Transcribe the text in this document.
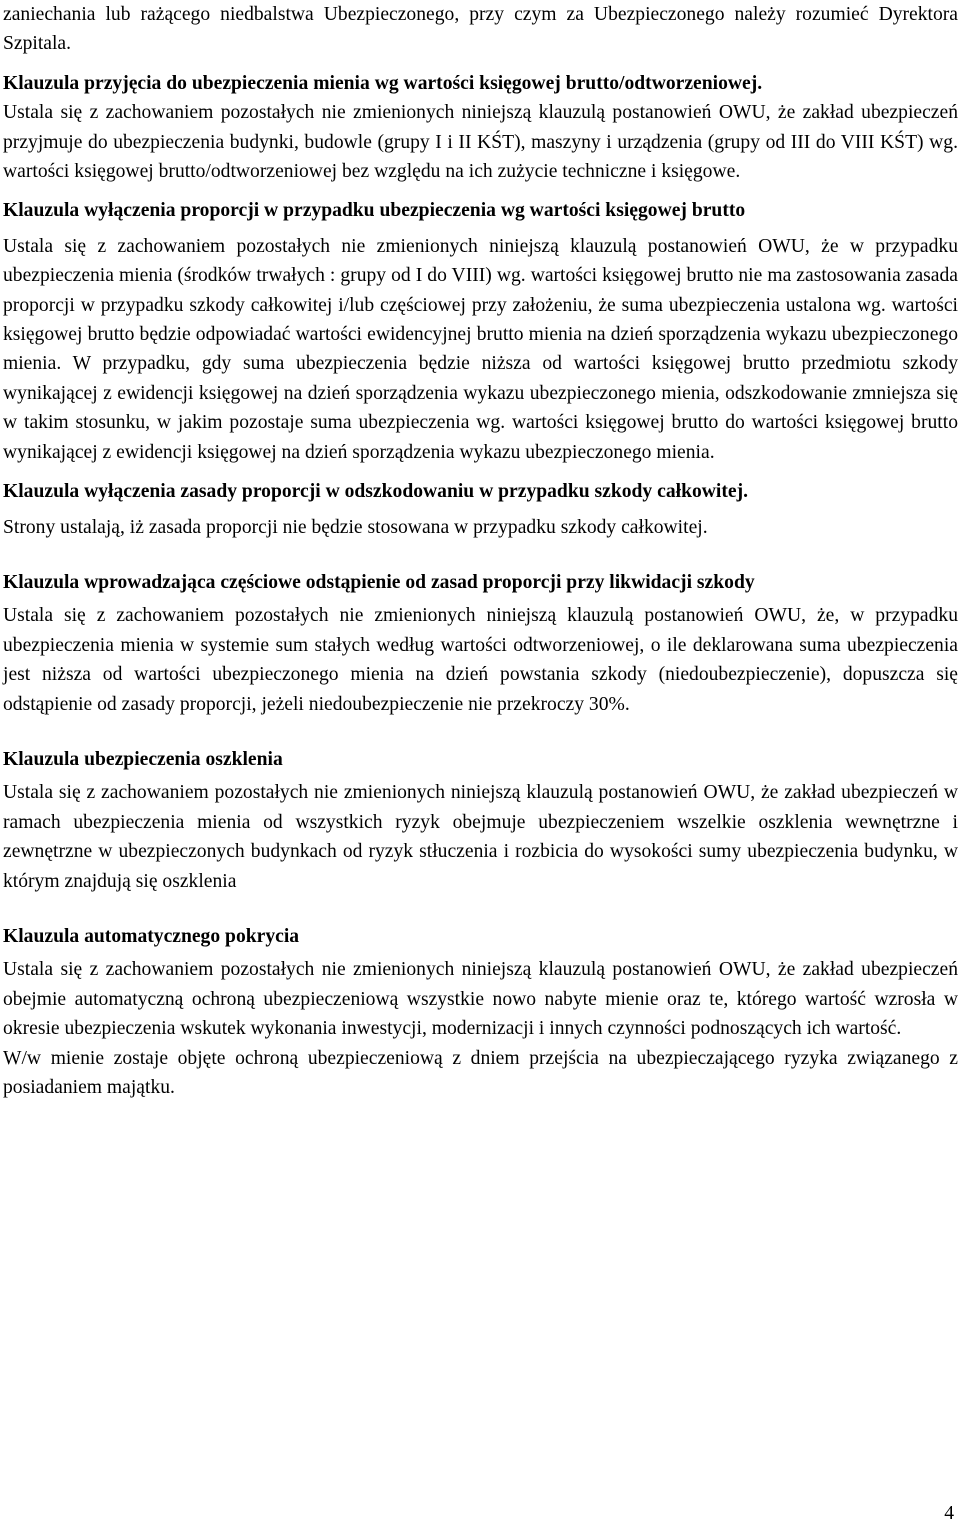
zaniechania lub rażącego niedbalstwa Ubezpieczonego, przy czym za Ubezpieczonego należy rozumieć Dyrektora Szpitala.

Klauzula przyjęcia do ubezpieczenia mienia wg wartości księgowej brutto/odtworzeniowej.

Ustala się z zachowaniem pozostałych nie zmienionych niniejszą klauzulą postanowień OWU, że zakład ubezpieczeń przyjmuje do ubezpieczenia budynki, budowle (grupy I i II KŚT), maszyny i urządzenia (grupy od III do VIII KŚT) wg. wartości księgowej brutto/odtworzeniowej bez względu na ich zużycie techniczne i księgowe.

Klauzula wyłączenia proporcji w przypadku ubezpieczenia wg wartości księgowej brutto

Ustala się z zachowaniem pozostałych nie zmienionych niniejszą klauzulą postanowień OWU, że w przypadku ubezpieczenia mienia (środków trwałych : grupy od I do VIII) wg. wartości księgowej brutto nie ma zastosowania zasada proporcji w przypadku szkody całkowitej i/lub częściowej przy założeniu, że suma ubezpieczenia ustalona wg. wartości księgowej brutto będzie odpowiadać wartości ewidencyjnej brutto mienia na dzień sporządzenia wykazu ubezpieczonego mienia. W przypadku, gdy suma ubezpieczenia będzie niższa od wartości księgowej brutto przedmiotu szkody wynikającej z ewidencji księgowej na dzień sporządzenia wykazu ubezpieczonego mienia, odszkodowanie zmniejsza się w takim stosunku, w jakim pozostaje suma ubezpieczenia wg. wartości księgowej brutto do wartości księgowej brutto wynikającej z ewidencji księgowej na dzień sporządzenia wykazu ubezpieczonego mienia.

Klauzula wyłączenia zasady proporcji w odszkodowaniu w przypadku szkody całkowitej.

Strony ustalają, iż zasada proporcji nie będzie stosowana w przypadku szkody całkowitej.

Klauzula wprowadzająca częściowe odstąpienie od zasad proporcji przy likwidacji szkody

Ustala się z zachowaniem pozostałych nie zmienionych niniejszą klauzulą postanowień OWU, że, w przypadku ubezpieczenia mienia w systemie sum stałych według wartości odtworzeniowej, o ile deklarowana suma ubezpieczenia jest niższa od wartości ubezpieczonego mienia na dzień powstania szkody (niedoubezpieczenie), dopuszcza się odstąpienie od zasady proporcji, jeżeli niedoubezpieczenie nie przekroczy 30%.

Klauzula ubezpieczenia oszklenia

Ustala się z zachowaniem pozostałych nie zmienionych niniejszą klauzulą postanowień OWU, że zakład ubezpieczeń w ramach ubezpieczenia mienia od wszystkich ryzyk obejmuje ubezpieczeniem wszelkie oszklenia wewnętrzne i zewnętrzne w ubezpieczonych budynkach od ryzyk stłuczenia i rozbicia do wysokości sumy ubezpieczenia budynku, w którym znajdują się oszklenia

Klauzula automatycznego pokrycia

Ustala się z zachowaniem pozostałych nie zmienionych niniejszą klauzulą postanowień OWU, że zakład ubezpieczeń obejmie automatyczną ochroną ubezpieczeniową wszystkie nowo nabyte mienie oraz te, którego wartość wzrosła w okresie ubezpieczenia wskutek wykonania inwestycji, modernizacji i innych czynności podnoszących ich wartość.

W/w mienie zostaje objęte ochroną ubezpieczeniową z dniem przejścia na ubezpieczającego ryzyka związanego z posiadaniem majątku.

4
